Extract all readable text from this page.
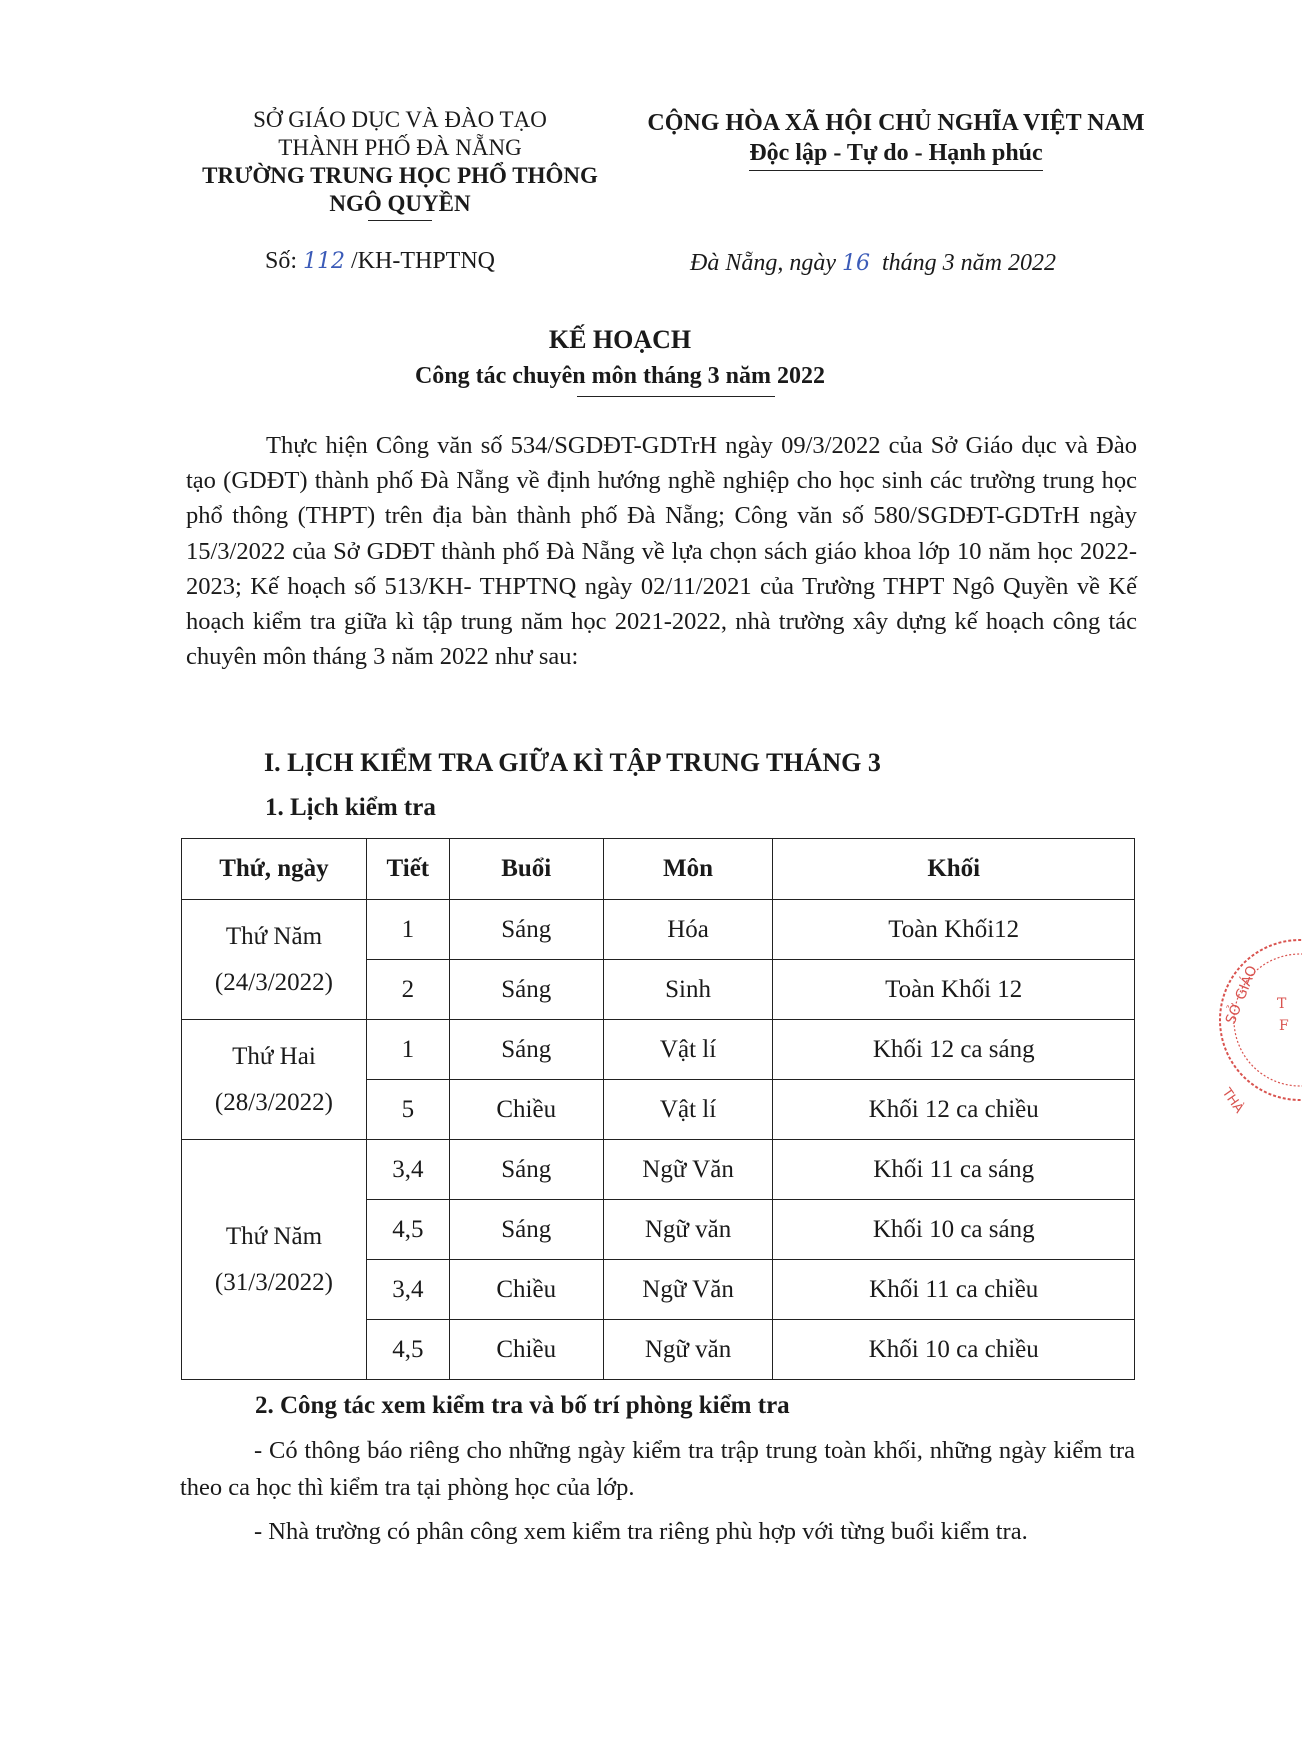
SỞ GIÁO DỤC VÀ ĐÀO TẠO
THÀNH PHỐ ĐÀ NẴNG
TRƯỜNG TRUNG HỌC PHỔ THÔNG
NGÔ QUYỀN
CỘNG HÒA XÃ HỘI CHỦ NGHĨA VIỆT NAM
Độc lập - Tự do - Hạnh phúc
Số: 112 /KH-THPTNQ	Đà Nẵng, ngày 16 tháng 3 năm 2022
KẾ HOẠCH
Công tác chuyên môn tháng 3 năm 2022
Thực hiện Công văn số 534/SGDĐT-GDTrH ngày 09/3/2022 của Sở Giáo dục và Đào tạo (GDĐT) thành phố Đà Nẵng về định hướng nghề nghiệp cho học sinh các trường trung học phổ thông (THPT) trên địa bàn thành phố Đà Nẵng; Công văn số 580/SGDĐT-GDTrH ngày 15/3/2022 của Sở GDĐT thành phố Đà Nẵng về lựa chọn sách giáo khoa lớp 10 năm học 2022-2023; Kế hoạch số 513/KH- THPTNQ ngày 02/11/2021 của Trường THPT Ngô Quyền về Kế hoạch kiểm tra giữa kì tập trung năm học 2021-2022, nhà trường xây dựng kế hoạch công tác chuyên môn tháng 3 năm 2022 như sau:
I. LỊCH KIỂM TRA GIỮA KÌ TẬP TRUNG THÁNG 3
1. Lịch kiểm tra
Thứ, ngày	Tiết	Buổi	Môn	Khối

Thứ Năm
(24/3/2022)	1	Sáng	Hóa	Toàn Khối12
	2	Sáng	Sinh	Toàn Khối 12

Thứ Hai
(28/3/2022)	1	Sáng	Vật lí	Khối 12 ca sáng
	5	Chiều	Vật lí	Khối 12 ca chiều

Thứ Năm
(31/3/2022)	3,4	Sáng	Ngữ Văn	Khối 11 ca sáng
	4,5	Sáng	Ngữ văn	Khối 10 ca sáng
	3,4	Chiều	Ngữ Văn	Khối 11 ca chiều
	4,5	Chiều	Ngữ văn	Khối 10 ca chiều
2. Công tác xem kiểm tra và bố trí phòng kiểm tra
- Có thông báo riêng cho những ngày kiểm tra trập trung toàn khối, những ngày kiểm tra theo ca học thì kiểm tra tại phòng học của lớp.
- Nhà trường có phân công xem kiểm tra riêng phù hợp với từng buổi kiểm tra.
SỞ GIÁO
THÀ
T
F
